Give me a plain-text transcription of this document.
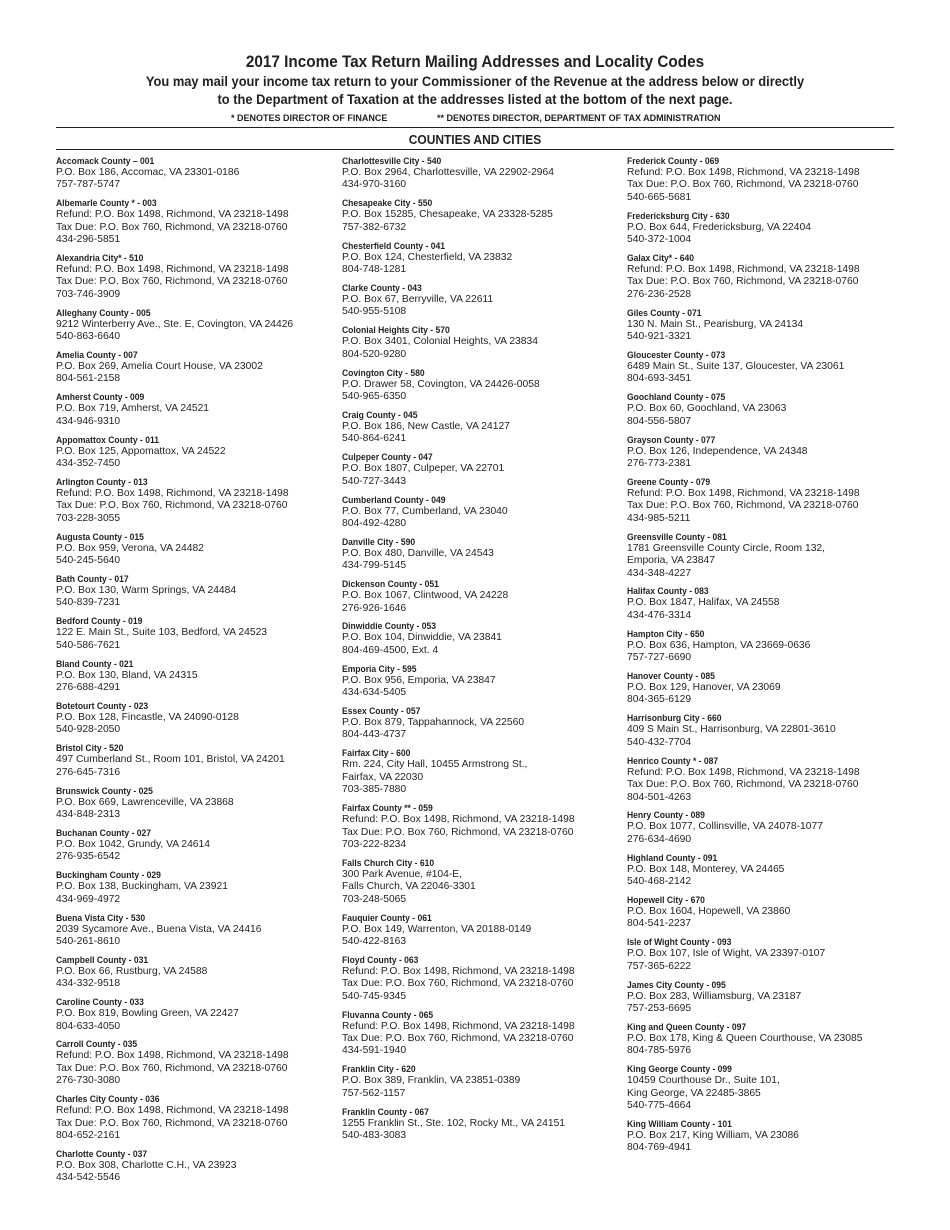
2017 Income Tax Return Mailing Addresses and Locality Codes
You may mail your income tax return to your Commissioner of the Revenue at the address below or directly
to the Department of Taxation at the addresses listed at the bottom of the next page.
* DENOTES DIRECTOR OF FINANCE	** DENOTES DIRECTOR, DEPARTMENT OF TAX ADMINISTRATION
COUNTIES AND CITIES
Accomack County – 001
P.O. Box 186, Accomac, VA 23301-0186
757-787-5747
Albemarle County * - 003
Refund: P.O. Box 1498, Richmond, VA 23218-1498
Tax Due: P.O. Box 760, Richmond, VA 23218-0760
434-296-5851
Alexandria City* - 510
Refund: P.O. Box 1498, Richmond, VA 23218-1498
Tax Due: P.O. Box 760, Richmond, VA 23218-0760
703-746-3909
Alleghany County - 005
9212 Winterberry Ave., Ste. E, Covington, VA 24426
540-863-6640
Amelia County - 007
P.O. Box 269, Amelia Court House, VA 23002
804-561-2158
Amherst County - 009
P.O. Box 719, Amherst, VA 24521
434-946-9310
Appomattox County - 011
P.O. Box 125, Appomattox, VA 24522
434-352-7450
Arlington County - 013
Refund: P.O. Box 1498, Richmond, VA 23218-1498
Tax Due: P.O. Box 760, Richmond, VA 23218-0760
703-228-3055
Augusta County - 015
P.O. Box 959, Verona, VA 24482
540-245-5640
Bath County - 017
P.O. Box 130, Warm Springs, VA 24484
540-839-7231
Bedford County - 019
122 E. Main St., Suite 103, Bedford, VA 24523
540-586-7621
Bland County - 021
P.O. Box 130, Bland, VA 24315
276-688-4291
Botetourt County - 023
P.O. Box 128, Fincastle, VA 24090-0128
540-928-2050
Bristol City - 520
497 Cumberland St., Room 101, Bristol, VA 24201
276-645-7316
Brunswick County - 025
P.O. Box 669, Lawrenceville, VA 23868
434-848-2313
Buchanan County - 027
P.O. Box 1042, Grundy, VA 24614
276-935-6542
Buckingham County - 029
P.O. Box 138, Buckingham, VA 23921
434-969-4972
Buena Vista City - 530
2039 Sycamore Ave., Buena Vista, VA 24416
540-261-8610
Campbell County - 031
P.O. Box 66, Rustburg, VA 24588
434-332-9518
Caroline County - 033
P.O. Box 819, Bowling Green, VA 22427
804-633-4050
Carroll County - 035
Refund: P.O. Box 1498, Richmond, VA 23218-1498
Tax Due: P.O. Box 760, Richmond, VA 23218-0760
276-730-3080
Charles City County - 036
Refund: P.O. Box 1498, Richmond, VA 23218-1498
Tax Due: P.O. Box 760, Richmond, VA 23218-0760
804-652-2161
Charlotte County - 037
P.O. Box 308, Charlotte C.H., VA 23923
434-542-5546
Charlottesville City - 540
P.O. Box 2964, Charlottesville, VA 22902-2964
434-970-3160
Chesapeake City - 550
P.O. Box 15285, Chesapeake, VA 23328-5285
757-382-6732
Chesterfield County - 041
P.O. Box 124, Chesterfield, VA 23832
804-748-1281
Clarke County - 043
P.O. Box 67, Berryville, VA 22611
540-955-5108
Colonial Heights City - 570
P.O. Box 3401, Colonial Heights, VA 23834
804-520-9280
Covington City - 580
P.O. Drawer 58, Covington, VA 24426-0058
540-965-6350
Craig County - 045
P.O. Box 186, New Castle, VA 24127
540-864-6241
Culpeper County - 047
P.O. Box 1807, Culpeper, VA 22701
540-727-3443
Cumberland County - 049
P.O. Box 77, Cumberland, VA 23040
804-492-4280
Danville City - 590
P.O. Box 480, Danville, VA 24543
434-799-5145
Dickenson County - 051
P.O. Box 1067, Clintwood, VA 24228
276-926-1646
Dinwiddie County - 053
P.O. Box 104, Dinwiddie, VA 23841
804-469-4500, Ext. 4
Emporia City - 595
P.O. Box 956, Emporia, VA 23847
434-634-5405
Essex County - 057
P.O. Box 879, Tappahannock, VA 22560
804-443-4737
Fairfax City - 600
Rm. 224, City Hall, 10455 Armstrong St.,
Fairfax, VA 22030
703-385-7880
Fairfax County ** - 059
Refund: P.O. Box 1498, Richmond, VA 23218-1498
Tax Due: P.O. Box 760, Richmond, VA 23218-0760
703-222-8234
Falls Church City - 610
300 Park Avenue, #104-E,
Falls Church, VA 22046-3301
703-248-5065
Fauquier County - 061
P.O. Box 149, Warrenton, VA 20188-0149
540-422-8163
Floyd County - 063
Refund: P.O. Box 1498, Richmond, VA 23218-1498
Tax Due: P.O. Box 760, Richmond, VA 23218-0760
540-745-9345
Fluvanna County - 065
Refund: P.O. Box 1498, Richmond, VA 23218-1498
Tax Due: P.O. Box 760, Richmond, VA 23218-0760
434-591-1940
Franklin City - 620
P.O. Box 389, Franklin, VA 23851-0389
757-562-1157
Franklin County - 067
1255 Franklin St., Ste. 102, Rocky Mt., VA 24151
540-483-3083
Frederick County - 069
Refund: P.O. Box 1498, Richmond, VA 23218-1498
Tax Due: P.O. Box 760, Richmond, VA 23218-0760
540-665-5681
Fredericksburg City - 630
P.O. Box 644, Fredericksburg, VA 22404
540-372-1004
Galax City* - 640
Refund: P.O. Box 1498, Richmond, VA 23218-1498
Tax Due: P.O. Box 760, Richmond, VA 23218-0760
276-236-2528
Giles County - 071
130 N. Main St., Pearisburg, VA 24134
540-921-3321
Gloucester County - 073
6489 Main St., Suite 137, Gloucester, VA 23061
804-693-3451
Goochland County - 075
P.O. Box 60, Goochland, VA 23063
804-556-5807
Grayson County - 077
P.O. Box 126, Independence, VA 24348
276-773-2381
Greene County - 079
Refund: P.O. Box 1498, Richmond, VA 23218-1498
Tax Due: P.O. Box 760, Richmond, VA 23218-0760
434-985-5211
Greensville County - 081
1781 Greensville County Circle, Room 132,
Emporia, VA 23847
434-348-4227
Halifax County - 083
P.O. Box 1847, Halifax, VA 24558
434-476-3314
Hampton City - 650
P.O. Box 636, Hampton, VA 23669-0636
757-727-6690
Hanover County - 085
P.O. Box 129, Hanover, VA 23069
804-365-6129
Harrisonburg City - 660
409 S Main St., Harrisonburg, VA 22801-3610
540-432-7704
Henrico County * - 087
Refund: P.O. Box 1498, Richmond, VA 23218-1498
Tax Due: P.O. Box 760, Richmond, VA 23218-0760
804-501-4263
Henry County - 089
P.O. Box 1077, Collinsville, VA 24078-1077
276-634-4690
Highland County - 091
P.O. Box 148, Monterey, VA 24465
540-468-2142
Hopewell City - 670
P.O. Box 1604, Hopewell, VA 23860
804-541-2237
Isle of Wight County - 093
P.O. Box 107, Isle of Wight, VA 23397-0107
757-365-6222
James City County - 095
P.O. Box 283, Williamsburg, VA 23187
757-253-6695
King and Queen County - 097
P.O. Box 178, King & Queen Courthouse, VA 23085
804-785-5976
King George County - 099
10459 Courthouse Dr., Suite 101,
King George, VA 22485-3865
540-775-4664
King William County - 101
P.O. Box 217, King William, VA 23086
804-769-4941
